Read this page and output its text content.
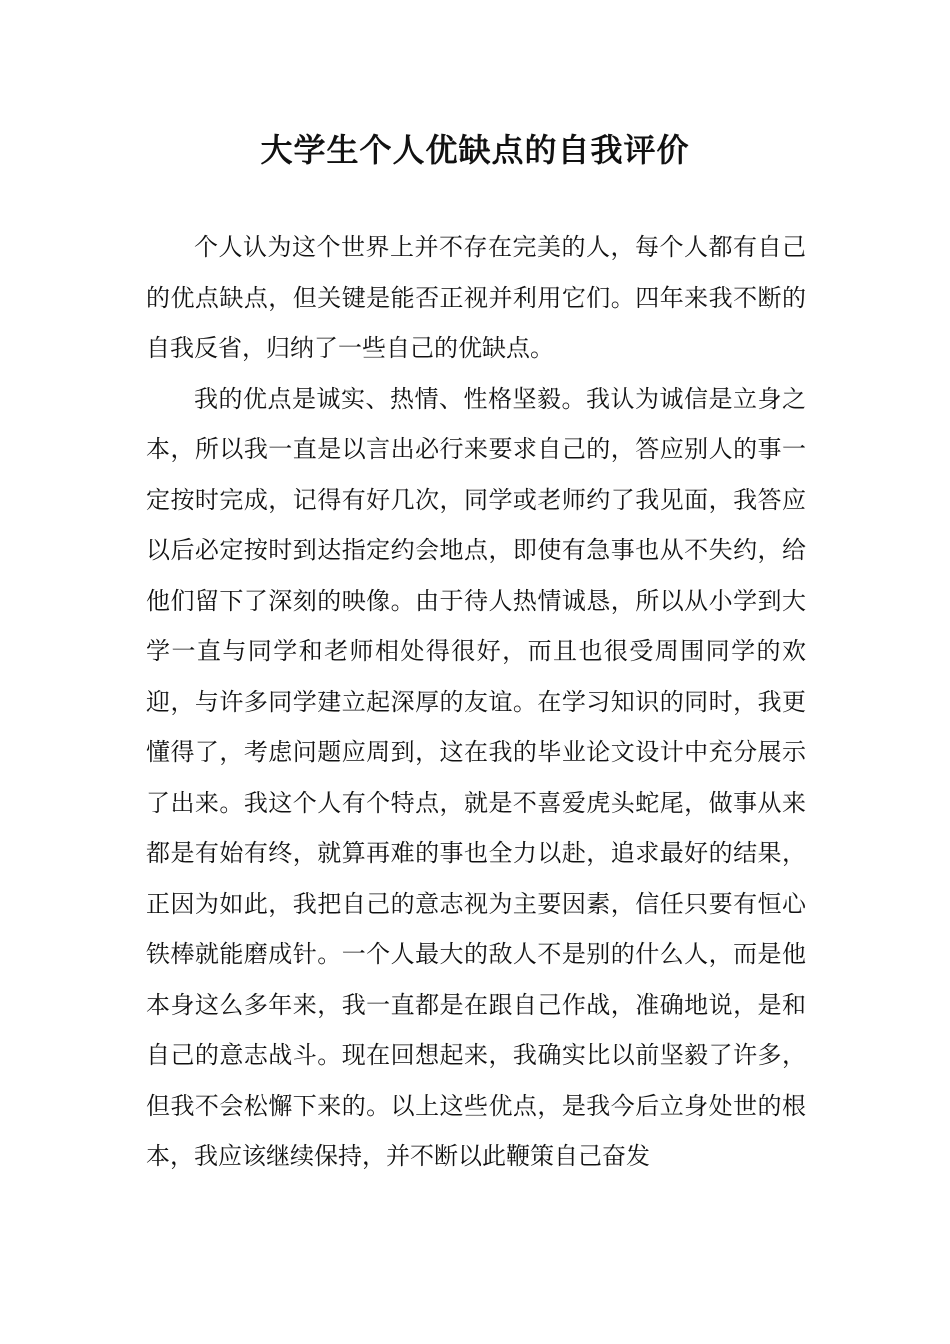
大学生个人优缺点的自我评价

个人认为这个世界上并不存在完美的人，每个人都有自己的优点缺点，但关键是能否正视并利用它们。四年来我不断的自我反省，归纳了一些自己的优缺点。

我的优点是诚实、热情、性格坚毅。我认为诚信是立身之本，所以我一直是以言出必行来要求自己的，答应别人的事一定按时完成，记得有好几次，同学或老师约了我见面，我答应以后必定按时到达指定约会地点，即使有急事也从不失约，给他们留下了深刻的映像。由于待人热情诚恳，所以从小学到大学一直与同学和老师相处得很好，而且也很受周围同学的欢迎，与许多同学建立起深厚的友谊。在学习知识的同时，我更懂得了，考虑问题应周到，这在我的毕业论文设计中充分展示了出来。我这个人有个特点，就是不喜爱虎头蛇尾，做事从来都是有始有终，就算再难的事也全力以赴，追求最好的结果，正因为如此，我把自己的意志视为主要因素，信任只要有恒心铁棒就能磨成针。一个人最大的敌人不是别的什么人，而是他本身这么多年来，我一直都是在跟自己作战，准确地说，是和自己的意志战斗。现在回想起来，我确实比以前坚毅了许多，但我不会松懈下来的。以上这些优点，是我今后立身处世的根本，我应该继续保持，并不断以此鞭策自己奋发
